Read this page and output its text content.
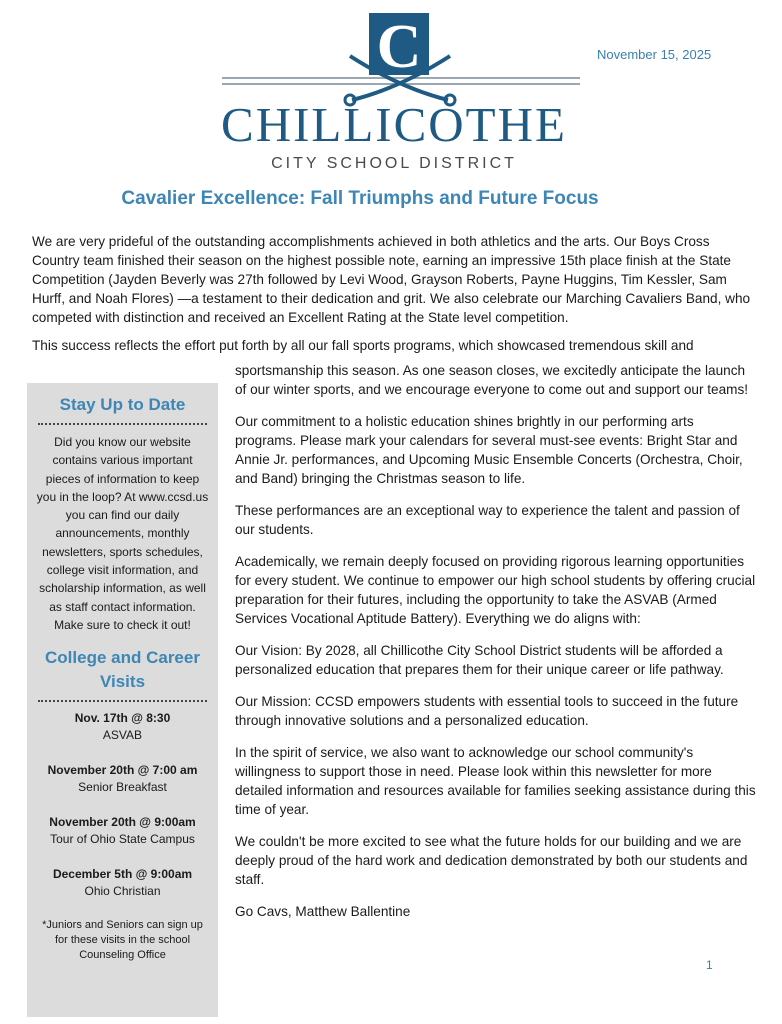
C
CHILLICOTHE
CITY SCHOOL DISTRICT
November 15, 2025
Cavalier Excellence: Fall Triumphs and Future Focus

We are very prideful of the outstanding accomplishments achieved in both athletics and the arts. Our Boys Cross Country team finished their season on the highest possible note, earning an impressive 15th place finish at the State Competition (Jayden Beverly was 27th followed by Levi Wood, Grayson Roberts, Payne Huggins, Tim Kessler, Sam Hurff, and Noah Flores) —a testament to their dedication and grit. We also celebrate our Marching Cavaliers Band, who competed with distinction and received an Excellent Rating at the State level competition.

This success reflects the effort put forth by all our fall sports programs, which showcased tremendous skill and

Stay Up to Date
Did you know our website contains various important pieces of information to keep you in the loop? At www.ccsd.us you can find our daily announcements, monthly newsletters, sports schedules, college visit information, and scholarship information, as well as staff contact information. Make sure to check it out!
College and Career Visits
Nov. 17th @ 8:30
ASVAB
November 20th @ 7:00 am
Senior Breakfast
November 20th @ 9:00am
Tour of Ohio State Campus
December 5th @ 9:00am
Ohio Christian
*Juniors and Seniors can sign up for these visits in the school Counseling Office

sportsmanship this season. As one season closes, we excitedly anticipate the launch of our winter sports, and we encourage everyone to come out and support our teams!

Our commitment to a holistic education shines brightly in our performing arts programs. Please mark your calendars for several must-see events: Bright Star and Annie Jr. performances, and Upcoming Music Ensemble Concerts (Orchestra, Choir, and Band) bringing the Christmas season to life.

These performances are an exceptional way to experience the talent and passion of our students.

Academically, we remain deeply focused on providing rigorous learning opportunities for every student. We continue to empower our high school students by offering crucial preparation for their futures, including the opportunity to take the ASVAB (Armed Services Vocational Aptitude Battery). Everything we do aligns with:

Our Vision: By 2028, all Chillicothe City School District students will be afforded a personalized education that prepares them for their unique career or life pathway.

Our Mission: CCSD empowers students with essential tools to succeed in the future through innovative solutions and a personalized education.

In the spirit of service, we also want to acknowledge our school community's willingness to support those in need. Please look within this newsletter for more detailed information and resources available for families seeking assistance during this time of year.

We couldn't be more excited to see what the future holds for our building and we are deeply proud of the hard work and dedication demonstrated by both our students and staff.

Go Cavs, Matthew Ballentine

1
